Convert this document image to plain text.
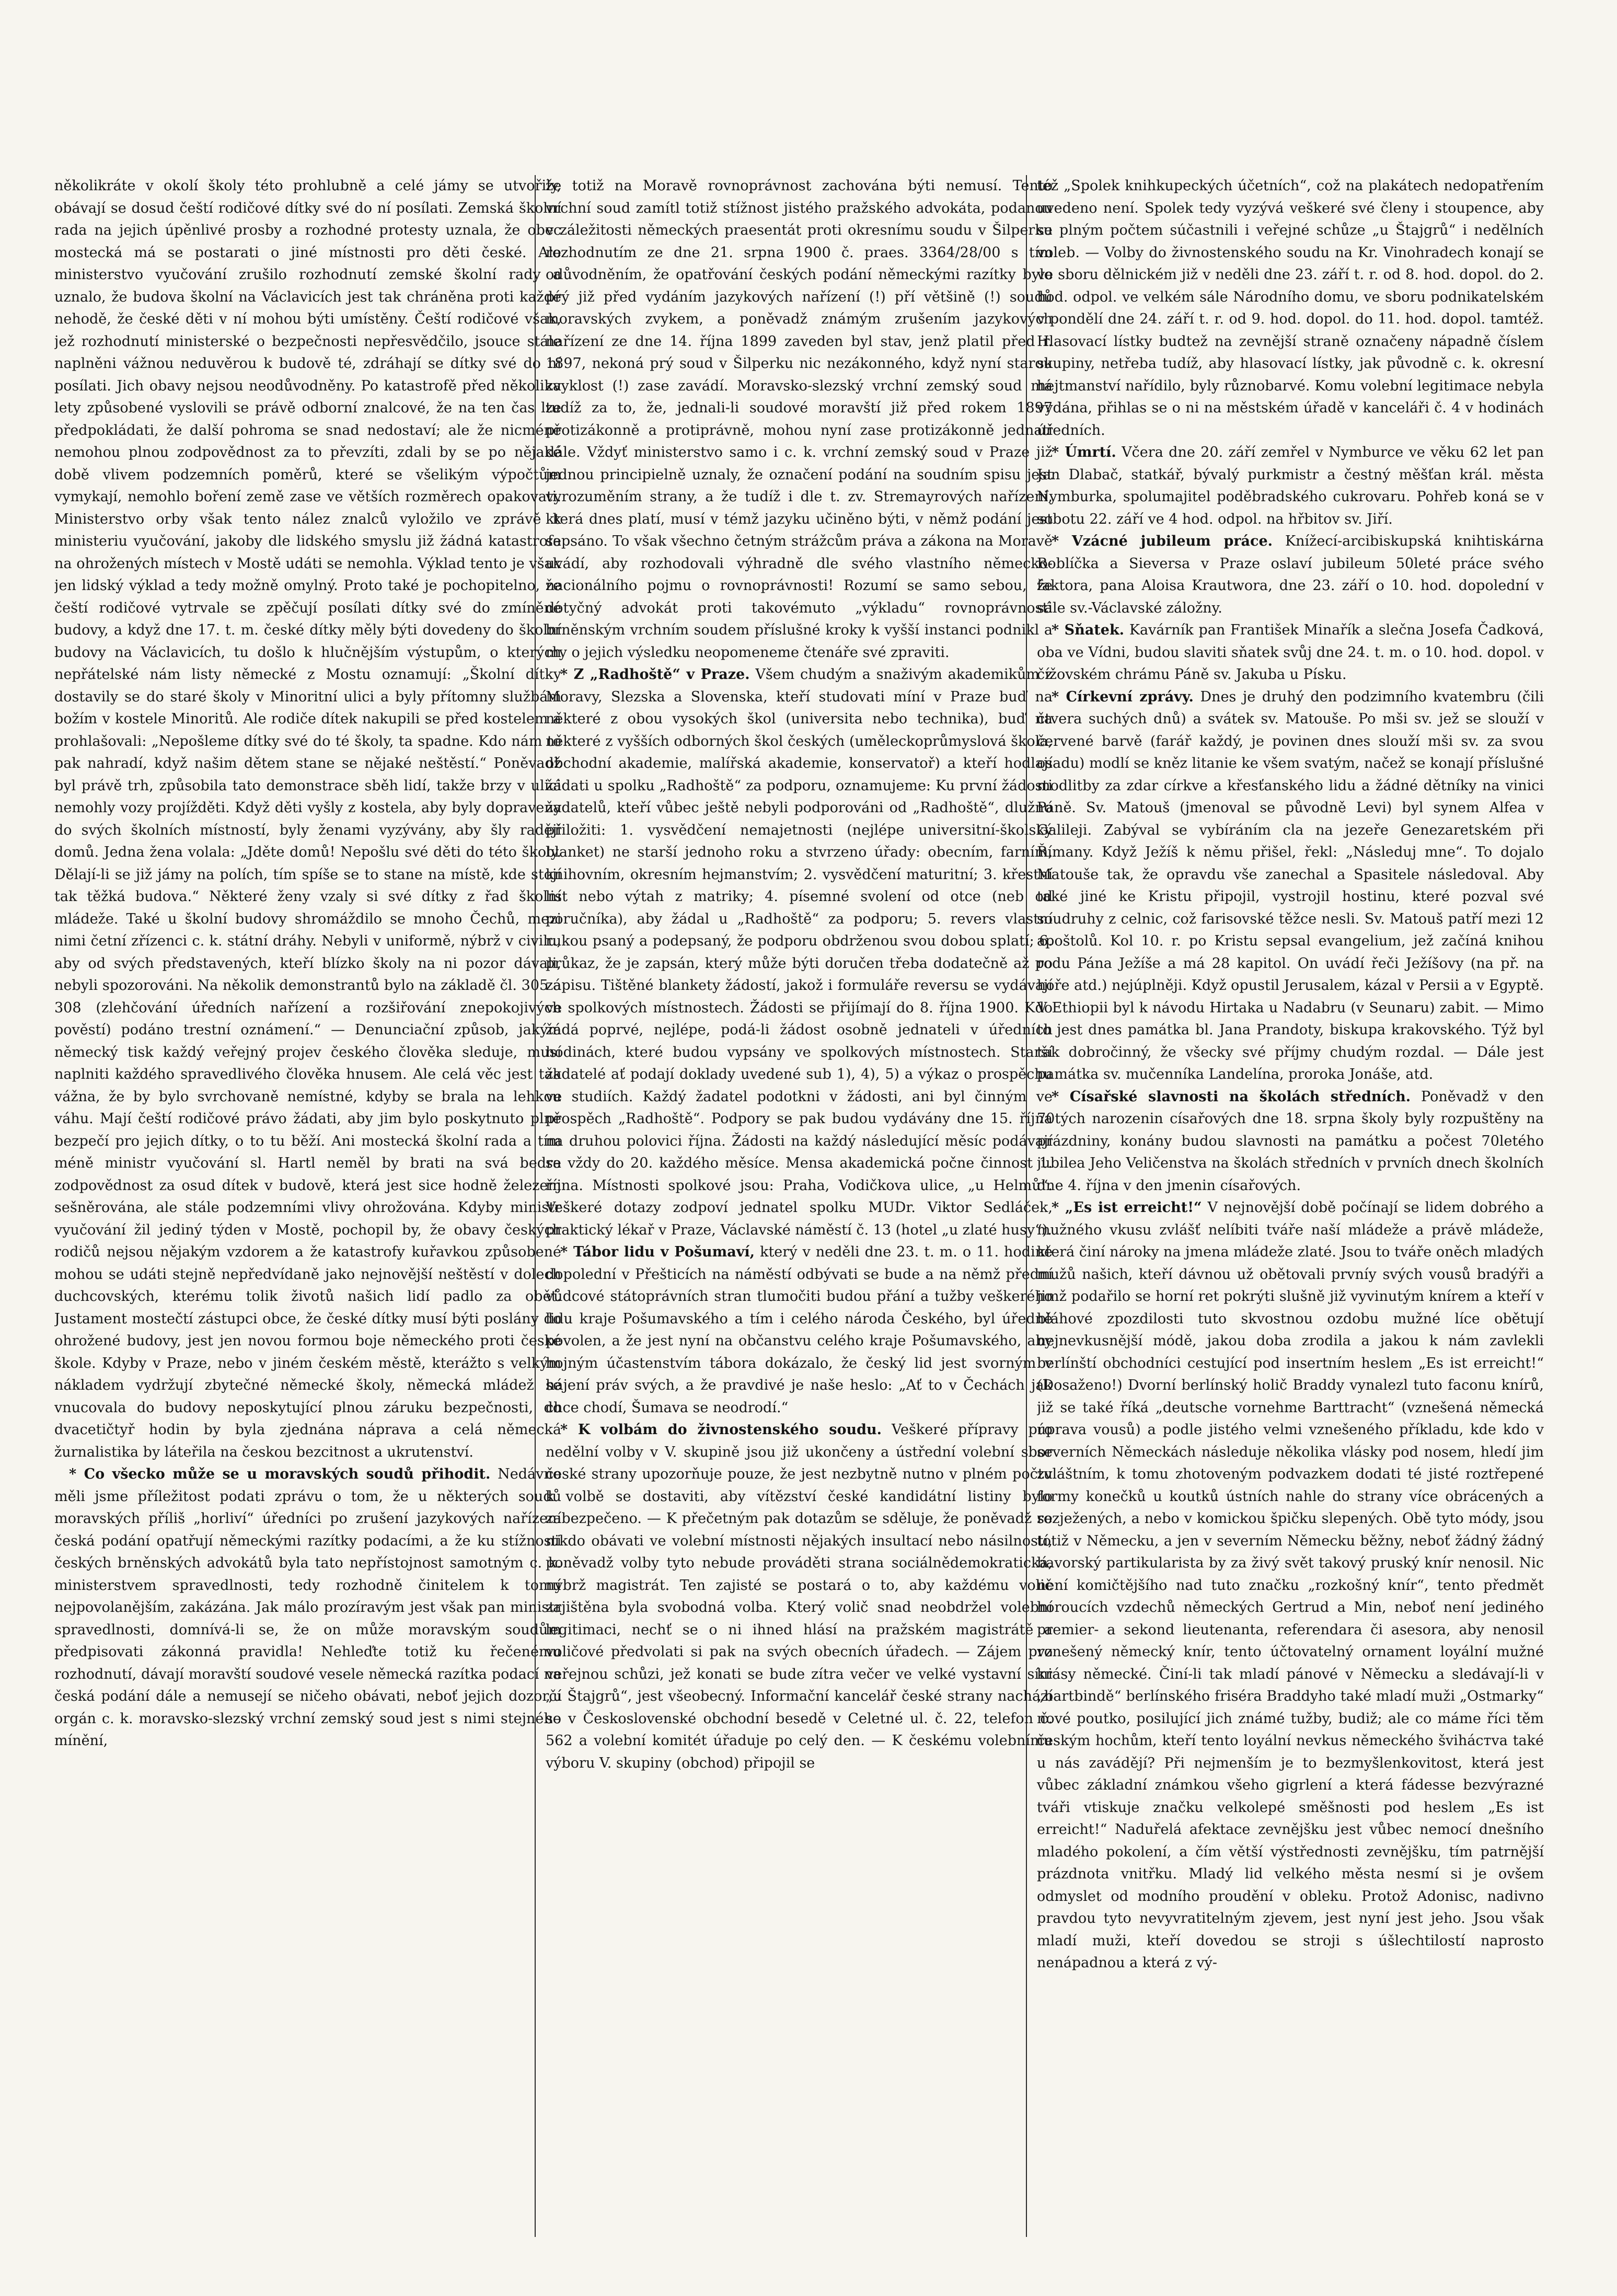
několikráte v okolí školy této prohlubně a celé jámy se utvořily, obávají se dosud čeští rodičové dítky své do ní posílati. Zemská školní rada na jejich úpěnlivé prosby a rozhodné protesty uznala, že obec mostecká má se postarati o jiné místnosti pro děti české. Ale ministerstvo vyučování zrušilo rozhodnutí zemské školní rady a uznalo, že budova školní na Václavicích jest tak chráněna proti každé nehodě, že české děti v ní mohou býti umístěny. Čeští rodičové však, jež rozhodnutí ministerské o bezpečnosti nepřesvědčilo, jsouce stále naplněni vážnou neduvěrou k budově té, zdráhají se dítky své do ní posílati. Jich obavy nejsou neodůvodněny. Po katastrofě před několika lety způsobené vyslovili se právě odborní znalcové, že na ten čas lze předpokládati, že další pohroma se snad nedostaví; ale že nicméně nemohou plnou zodpovědnost za to převzíti, zdali by se po nějaké době vlivem podzemních poměrů, které se všelikým výpočtům vymykají, nemohlo boření země zase ve větších rozměrech opakovati. Ministerstvo orby však tento nález znalců vyložilo ve zprávě k ministeriu vyučování, jakoby dle lidského smyslu již žádná katastrofa na ohrožených místech v Mostě udáti se nemohla. Výklad tento je však jen lidský výklad a tedy možně omylný. Proto také je pochopitelno, že čeští rodičové vytrvale se zpěčují posílati dítky své do zmíněné budovy, a když dne 17. t. m. české dítky měly býti dovedeny do školní budovy na Václavicích, tu došlo k hlučnějším výstupům, o kterých nepřátelské nám listy německé z Mostu oznamují: „Školní dítky dostavily se do staré školy v Minoritní ulici a byly přítomny službám božím v kostele Minoritů. Ale rodiče dítek nakupili se před kostelem a prohlašovali: „Nepošleme dítky své do té školy, ta spadne. Kdo nám to pak nahradí, když našim dětem stane se nějaké neštěstí.“ Poněvadž byl právě trh, způsobila tato demonstrace sběh lidí, takže brzy v ulici nemohly vozy projížděti. Když děti vyšly z kostela, aby byly dopraveny do svých školních místností, byly ženami vyzývány, aby šly raději domů. Jedna žena volala: „Jděte domů! Nepošlu své děti do této školy. Dělají-li se již jámy na polích, tím spíše se to stane na místě, kde stojí tak těžká budova.“ Některé ženy vzaly si své dítky z řad školní mládeže. Také u školní budovy shromáždilo se mnoho Čechů, mezi nimi četní zřízenci c. k. státní dráhy. Nebyli v uniformě, nýbrž v civilu, aby od svých představených, kteří blízko školy na ni pozor dávali, nebyli spozorováni. Na několik demonstrantů bylo na základě čl. 305 a 308 (zlehčování úředních nařízení a rozšiřování znepokojivých pověstí) podáno trestní oznámení.“ — Denunciační způsob, jakým německý tisk každý veřejný projev českého člověka sleduje, musí naplniti každého spravedlivého člověka hnusem. Ale celá věc jest tak vážna, že by bylo svrchovaně nemístné, kdyby se brala na lehkou váhu. Mají čeští rodičové právo žádati, aby jim bylo poskytnuto plně bezpečí pro jejich dítky, o to tu běží. Ani mostecká školní rada a tím méně ministr vyučování sl. Hartl neměl by brati na svá bedra zodpovědnost za osud dítek v budově, která jest sice hodně železem sešněrována, ale stále podzemními vlivy ohrožována. Kdyby ministr vyučování žil jediný týden v Mostě, pochopil by, že obavy českých rodičů nejsou nějakým vzdorem a že katastrofy kuřavkou způsobené mohou se udáti stejně nepředvídaně jako nejnovější neštěstí v dolech duchcovských, kterému tolik životů našich lidí padlo za oběť. Justament mostečtí zástupci obce, že české dítky musí býti poslány do ohrožené budovy, jest jen novou formou boje německého proti české škole. Kdyby v Praze, nebo v jiném českém městě, kterážto s velkým nákladem vydržují zbytečné německé školy, německá mládež se vnucovala do budovy neposkytující plnou záruku bezpečnosti, do dvacetičtyř hodin by byla zjednána náprava a celá německá žurnalistika by láteřila na českou bezcitnost a ukrutenství.

* Co všecko může se u moravských soudů přihodit. Nedávno měli jsme příležitost podati zprávu o tom, že u některých soudů moravských příliš „horliví“ úředníci po zrušení jazykových nařízení česká podání opatřují německými razítky podacími, a že ku stížnosti českých brněnských advokátů byla tato nepřístojnost samotným c. k. ministerstvem spravedlnosti, tedy rozhodně činitelem k tomu nejpovolanějším, zakázána. Jak málo prozíravým jest však pan ministr spravedlnosti, domnívá-li se, že on může moravským soudům předpisovati zákonná pravidla! Nehleďte totiž ku řečenému rozhodnutí, dávají moravští soudové vesele německá razítka podací na česká podání dále a nemusejí se ničeho obávati, neboť jejich dozorčí orgán c. k. moravsko-slezský vrchní zemský soud jest s nimi stejného mínění,

že totiž na Moravě rovnoprávnost zachována býti nemusí. Tento vrchní soud zamítl totiž stížnost jistého pražského advokáta, podanou v záležitosti německých praesentát proti okresnímu soudu v Šilperku rozhodnutím ze dne 21. srpna 1900 č. praes. 3364/28/00 s tím odůvodněním, že opatřování českých podání německými razítky bylo prý již před vydáním jazykových nařízení (!) pří většině (!) soudů moravských zvykem, a poněvadž známým zrušením jazykových nařízení ze dne 14. října 1899 zaveden byl stav, jenž platil před r. 1897, nekoná prý soud v Šilperku nic nezákonného, když nyní starou zvyklost (!) zase zavádí. Moravsko-slezský vrchní zemský soud má tudíž za to, že, jednali-li soudové moravští již před rokem 1897 protizákonně a protiprávně, mohou nyní zase protizákonně jednati dále. Vždyť ministerstvo samo i c. k. vrchní zemský soud v Praze již jednou principielně uznaly, že označení podání na soudním spisu jest vyrozuměním strany, a že tudíž i dle t. zv. Stremayrových nařízení, která dnes platí, musí v témž jazyku učiněno býti, v němž podání jest sepsáno. To však všechno četným strážcům práva a zákona na Moravě uvádí, aby rozhodovali výhradně dle svého vlastního německo-nacionálního pojmu o rovnoprávnosti! Rozumí se samo sebou, že dotyčný advokát proti takovémuto „výkladu“ rovnoprávnosti brněnským vrchním soudem příslušné kroky k vyšší instanci podnikl a my o jejich výsledku neopomeneme čtenáře své zpraviti.

* Z „Radhoště“ v Praze. Všem chudým a snaživým akademikům z Moravy, Slezska a Slovenska, kteří studovati míní v Praze buď na některé z obou vysokých škol (universita nebo technika), buď na některé z vyšších odborných škol českých (uměleckoprůmyslová škola, obchodní akademie, malířská akademie, konservatoř) a kteří hodlají žádati u spolku „Radhoště“ za podporu, oznamujeme: Ku první žádosti žadatelů, kteří vůbec ještě nebyli podporováni od „Radhoště“, dlužno přiložiti: 1. vysvědčení nemajetnosti (nejlépe universitní-školský blanket) ne starší jednoho roku a stvrzeno úřady: obecním, farním, knihovním, okresním hejmanstvím; 2. vysvědčení maturitní; 3. křestní list nebo výtah z matriky; 4. písemné svolení od otce (neb od poručníka), aby žádal u „Radhoště“ za podporu; 5. revers vlastní rukou psaný a podepsaný, že podporu obdrženou svou dobou splatí; 6. průkaz, že je zapsán, který může býti doručen třeba dodatečně až po zápisu. Tištěné blankety žádostí, jakož i formuláře reversu se vydávají ve spolkových místnostech. Žádosti se přijímají do 8. října 1900. Kdo žádá poprvé, nejlépe, podá-li žádost osobně jednateli v úředních hodinách, které budou vypsány ve spolkových místnostech. Starší žadatelé ať podají doklady uvedené sub 1), 4), 5) a výkaz o prospěchu ve studiích. Každý žadatel podotkni v žádosti, ani byl činným ve prospěch „Radhoště“. Podpory se pak budou vydávány dne 15. října na druhou polovici října. Žádosti na každý následující měsíc podávají se vždy do 20. každého měsíce. Mensa akademická počne činnost 1. října. Místnosti spolkové jsou: Praha, Vodičkova ulice, „u Helmů“. Veškeré dotazy zodpoví jednatel spolku MUDr. Viktor Sedláček, praktický lékař v Praze, Václavské náměstí č. 13 (hotel „u zlaté husy“).

* Tábor lidu v Pošumaví, který v neděli dne 23. t. m. o 11. hodině dopolední v Přešticích na náměstí odbývati se bude a na němž přední vůdcové státoprávních stran tlumočiti budou přání a tužby veškerého lidu kraje Pošumavského a tím i celého národa Českého, byl úředně povolen, a že jest nyní na občanstvu celého kraje Pošumavského, aby hojným účastenstvím tábora dokázalo, že český lid jest svorným v hájení práv svých, a že pravdivé je naše heslo: „Ať to v Čechách jak chce chodí, Šumava se neodrodí.“

* K volbám do živnostenského soudu. Veškeré přípravy pro nedělní volby v V. skupině jsou již ukončeny a ústřední volební sbor české strany upozorňuje pouze, že jest nezbytně nutno v plném počtu k volbě se dostaviti, aby vítězství české kandidátní listiny bylo zabezpečeno. — K přečetným pak dotazům se sděluje, že poněvadž se nikdo obávati ve volební místnosti nějakých insultací nebo násilností, poněvadž volby tyto nebude prováděti strana sociálnědemokratická, nýbrž magistrát. Ten zajisté se postará o to, aby každému volič zajištěna byla svobodná volba. Který volič snad neobdržel volební legitimaci, nechť se o ni ihned hlásí na pražském magistrátě a voličové předvolati si pak na svých obecních úřadech. — Zájem pro veřejnou schůzi, jež konati se bude zítra večer ve velké vystavní síni „u Štajgrů“, jest všeobecný. Informační kancelář české strany nachází se v Československé obchodní besedě v Celetné ul. č. 22, telefon č. 562 a volební komitét úřaduje po celý den. — K českému volebnímu výboru V. skupiny (obchod) připojil se

též „Spolek knihkupeckých účetních“, což na plakátech nedopatřením uvedeno není. Spolek tedy vyzývá veškeré své členy i stoupence, aby se plným počtem súčastnili i veřejné schůze „u Štajgrů“ i nedělních voleb. — Volby do živnostenského soudu na Kr. Vinohradech konají se ve sboru dělnickém již v neděli dne 23. září t. r. od 8. hod. dopol. do 2. hod. odpol. ve velkém sále Národního domu, ve sboru podnikatelském v pondělí dne 24. září t. r. od 9. hod. dopol. do 11. hod. dopol. tamtéž. Hlasovací lístky budtež na zevnější straně označeny nápadně číslem skupiny, netřeba tudíž, aby hlasovací lístky, jak původně c. k. okresní hejtmanství nařídilo, byly různobarvé. Komu volební legitimace nebyla vydána, přihlas se o ni na městském úřadě v kanceláři č. 4 v hodinách úředních.

* Úmrtí. Včera dne 20. září zemřel v Nymburce ve věku 62 let pan Jan Dlabač, statkář, bývalý purkmistr a čestný měšťan král. města Nymburka, spolumajitel poděbradského cukrovaru. Pohřeb koná se v sobotu 22. září ve 4 hod. odpol. na hřbitov sv. Jiří.

* Vzácné jubileum práce. Knížecí-arcibiskupská knihtiskárna Roblíčka a Sieversa v Praze oslaví jubileum 50leté práce svého faktora, pana Aloisa Krautwora, dne 23. září o 10. hod. dopolední v sále sv.-Václavské záložny.

* Sňatek. Kavárník pan František Minařík a slečna Josefa Čadková, oba ve Vídni, budou slaviti sňatek svůj dne 24. t. m. o 10. hod. dopol. v čížovském chrámu Páně sv. Jakuba u Písku.

* Církevní zprávy. Dnes je druhý den podzimního kvatembru (čili čtvera suchých dnů) a svátek sv. Matouše. Po mši sv. jež se slouží v červené barvě (farář každý, je povinen dnes slouží mši sv. za svou osadu) modlí se kněz litanie ke všem svatým, načež se konají příslušné modlitby za zdar církve a křesťanského lidu a žádné dětníky na vinici Páně. Sv. Matouš (jmenoval se původně Levi) byl synem Alfea v Galileji. Zabýval se vybíráním cla na jezeře Genezaretském při Římany. Když Ježíš k němu přišel, řekl: „Následuj mne“. To dojalo Matouše tak, že opravdu vše zanechal a Spasitele následoval. Aby také jiné ke Kristu připojil, vystrojil hostinu, které pozval své soudruhy z celnic, což farisovské těžce nesli. Sv. Matouš patří mezi 12 apoštolů. Kol 10. r. po Kristu sepsal evangelium, jež začíná knihou rodu Pána Ježíše a má 28 kapitol. On uvádí řeči Ježíšovy (na př. na hoře atd.) nejúplněji. Když opustil Jerusalem, kázal v Persii a v Egyptě. V Ethiopii byl k návodu Hirtaka u Nadabru (v Seunaru) zabit. — Mimo to jest dnes památka bl. Jana Prandoty, biskupa krakovského. Týž byl tak dobročinný, že všecky své příjmy chudým rozdal. — Dále jest památka sv. mučenníka Landelína, proroka Jonáše, atd.

* Císařské slavnosti na školách středních. Poněvadž v den 70tých narozenin císařových dne 18. srpna školy byly rozpuštěny na prázdniny, konány budou slavnosti na památku a počest 70letého jubilea Jeho Veličenstva na školách středních v prvních dnech školních dne 4. října v den jmenin císařových.

* „Es ist erreicht!“ V nejnovější době počínají se lidem dobrého a mužného vkusu zvlášť nelíbiti tváře naší mládeže a právě mládeže, která činí nároky na jmena mládeže zlaté. Jsou to tváře oněch mladých mužů našich, kteří dávnou už obětovali prvníy svých vousů bradýři a jimž podařilo se horní ret pokrýti slušně již vyvinutým knírem a kteří v bláhové zpozdilosti tuto skvostnou ozdobu mužné líce obětují nejnevkusnější módě, jakou doba zrodila a jakou k nám zavlekli berlínští obchodníci cestující pod insertním heslem „Es ist erreicht!“ (Dosaženo!) Dvorní berlínský holič Braddy vynalezl tuto faconu knírů, již se také říká „deutsche vornehme Barttracht“ (vznešená německá úprava vousů) a podle jistého velmi vznešeného příkladu, kde kdo v severních Německách následuje několika vlásky pod nosem, hledí jim zvláštním, k tomu zhotoveným podvazkem dodati té jisté roztřepené formy konečků u koutků ústních nahle do strany více obrácených a rozježených, a nebo v komickou špičku slepených. Obě tyto módy, jsou totiž v Německu, a jen v severním Německu běžny, neboť žádný žádný bavorský partikularista by za živý svět takový pruský knír nenosil. Nic není komičtějšího nad tuto značku „rozkošný knír“, tento předmět horoucích vzdechů německých Gertrud a Min, neboť není jediného premier- a sekond lieutenanta, referendara či asesora, aby nenosil vznešený německý knír, tento účtovatelný ornament loyální mužné krásy německé. Činí-li tak mladí pánové v Německu a sledávají-li v „bartbindě“ berlínského friséra Braddyho také mladí muži „Ostmarky“ nové poutko, posilující jich známé tužby, budiž; ale co máme říci těm českým hochům, kteří tento loyální nevkus německého švihácтva také u nás zavádějí? Při nejmenším je to bezmyšlenkovitost, která jest vůbec základní známkou všeho gigrlení a která fádesse bezvýrazné tváři vtiskuje značku velkolepé směšnosti pod heslem „Es ist erreicht!“ Naduřelá afektace zevnějšku jest vůbec nemocí dnešního mladého pokolení, a čím větší výstřednosti zevnějšku, tím patrnější prázdnota vnitřku. Mladý lid velkého města nesmí si je ovšem odmyslet od modního proudění v obleku. Protož Adonisc, nadivno pravdou tyto nevyvratitelným zjevem, jest nyní jest jeho. Jsou však mladí muži, kteří dovedou se stroji s úšlechtilostí naprosto nenápadnou a která z vý-
